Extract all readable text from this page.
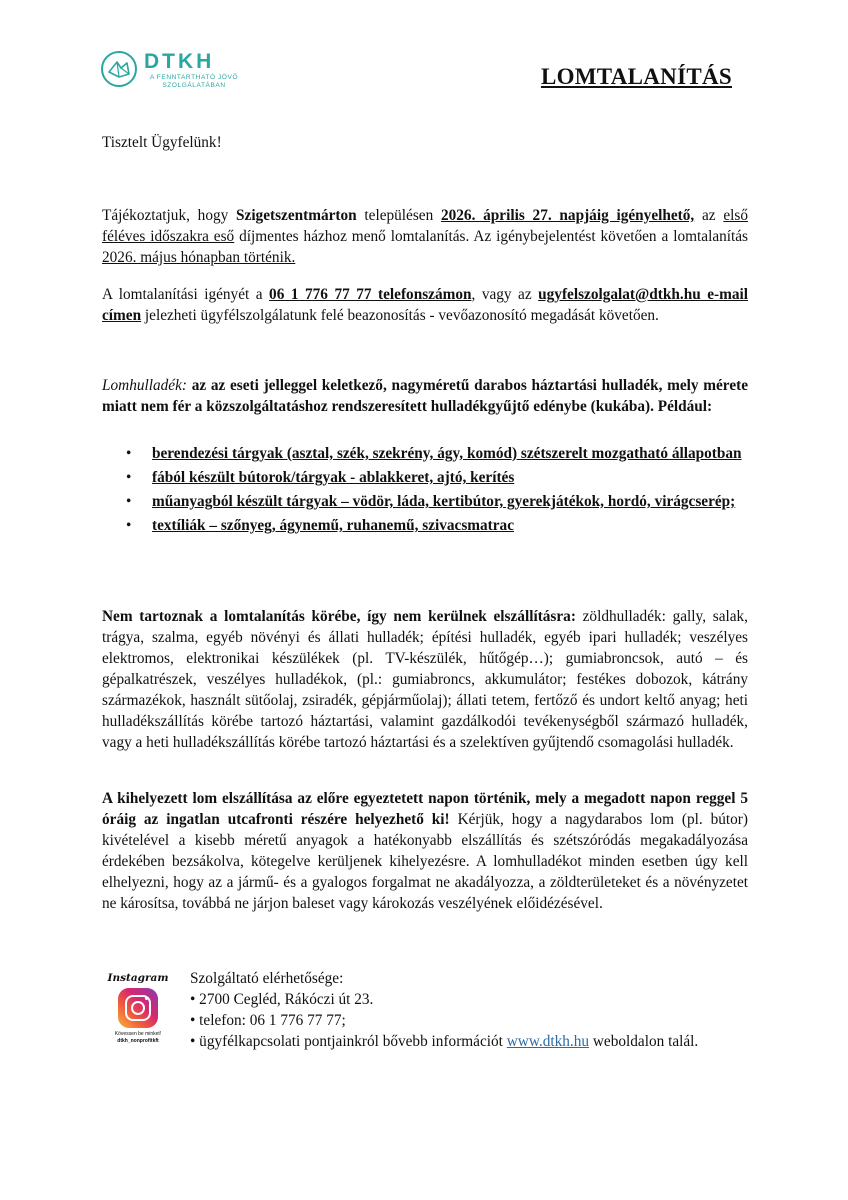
DTKH
A FENNTARTHATÓ JÖVŐ SZOLGÁLATÁBAN	LOMTALANÍTÁS
Tisztelt Ügyfelünk!
Tájékoztatjuk, hogy Szigetszentmárton településen 2026. április 27. napjáig igényelhető, az első féléves időszakra eső díjmentes házhoz menő lomtalanítás. Az igénybejelentést követően a lomtalanítás 2026. május hónapban történik.
A lomtalanítási igényét a 06 1 776 77 77 telefonszámon, vagy az ugyfelszolgalat@dtkh.hu e-mail címen jelezheti ügyfélszolgálatunk felé beazonosítás - vevőazonosító megadását követően.
Lomhulladék: az az eseti jelleggel keletkező, nagyméretű darabos háztartási hulladék, mely mérete miatt nem fér a közszolgáltatáshoz rendszeresített hulladékgyűjtő edénybe (kukába). Például:
• berendezési tárgyak (asztal, szék, szekrény, ágy, komód) szétszerelt mozgatható állapotban
• fából készült bútorok/tárgyak - ablakkeret, ajtó, kerítés
• műanyagból készült tárgyak – vödör, láda, kertibútor, gyerekjátékok, hordó, virágcserép;
• textíliák – szőnyeg, ágynemű, ruhanemű, szivacsmatrac
Nem tartoznak a lomtalanítás körébe, így nem kerülnek elszállításra: zöldhulladék: gally, salak, trágya, szalma, egyéb növényi és állati hulladék; építési hulladék, egyéb ipari hulladék; veszélyes elektromos, elektronikai készülékek (pl. TV-készülék, hűtőgép…); gumiabroncsok, autó – és gépalkatrészek, veszélyes hulladékok, (pl.: gumiabroncs, akkumulátor; festékes dobozok, kátrány származékok, használt sütőolaj, zsiradék, gépjárműolaj); állati tetem, fertőző és undort keltő anyag; heti hulladékszállítás körébe tartozó háztartási, valamint gazdálkodói tevékenységből származó hulladék, vagy a heti hulladékszállítás körébe tartozó háztartási és a szelektíven gyűjtendő csomagolási hulladék.
A kihelyezett lom elszállítása az előre egyeztetett napon történik, mely a megadott napon reggel 5 óráig az ingatlan utcafronti részére helyezhető ki! Kérjük, hogy a nagydarabos lom (pl. bútor) kivételével a kisebb méretű anyagok a hatékonyabb elszállítás és szétszóródás megakadályozása érdekében bezsákolva, kötegelve kerüljenek kihelyezésre. A lomhulladékot minden esetben úgy kell elhelyezni, hogy az a jármű- és a gyalogos forgalmat ne akadályozza, a zöldterületeket és a növényzetet ne károsítsa, továbbá ne járjon baleset vagy károkozás veszélyének előidézésével.
Instagram
Kövessen be minket!
dtkh_nonprofitkft
Szolgáltató elérhetősége:
• 2700 Cegléd, Rákóczi út 23.
• telefon: 06 1 776 77 77;
• ügyfélkapcsolati pontjainkról bővebb információt www.dtkh.hu weboldalon talál.
